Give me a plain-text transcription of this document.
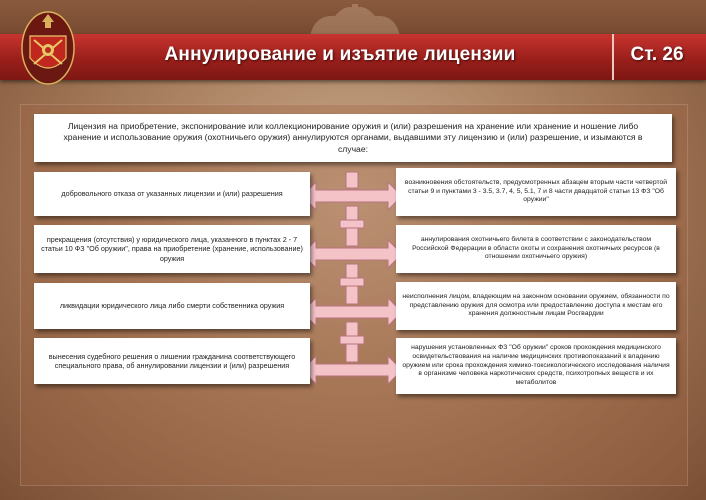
Аннулирование и изъятие лицензии	Ст. 26
Лицензия на приобретение, экспонирование или коллекционирование оружия и (или) разрешения на хранение или хранение и ношение либо хранение и использование оружия (охотничьего оружия) аннулируются органами, выдавшими эту лицензию и (или) разрешение, и изымаются в случае:
добровольного отказа от указанных лицензии и (или) разрешения
прекращения (отсутствия) у юридического лица, указанного в пунктах 2 - 7 статьи 10 ФЗ "Об оружии", права на приобретение (хранение, использование) оружия
ликвидации юридического лица либо смерти собственника оружия
вынесения судебного решения о лишении гражданина соответствующего специального права, об аннулировании лицензии и (или) разрешения
возникновения обстоятельств, предусмотренных абзацем вторым части четвертой статьи 9 и пунктами 3 - 3.5, 3.7, 4, 5, 5.1, 7 и 8 части двадцатой статьи 13 ФЗ "Об оружии"
аннулирования охотничьего билета в соответствии с законодательством Российской Федерации в области охоты и сохранения охотничьих ресурсов (в отношении охотничьего оружия)
неисполнения лицом, владеющим на законном основании оружием, обязанности по представлению оружия для осмотра или предоставлению доступа к местам его хранения должностным лицам Росгвардии
нарушения установленных ФЗ "Об оружии" сроков прохождения медицинского освидетельствования на наличие медицинских противопоказаний к владению оружием или срока прохождения химико-токсикологического исследования наличия в организме человека наркотических средств, психотропных веществ и их метаболитов
